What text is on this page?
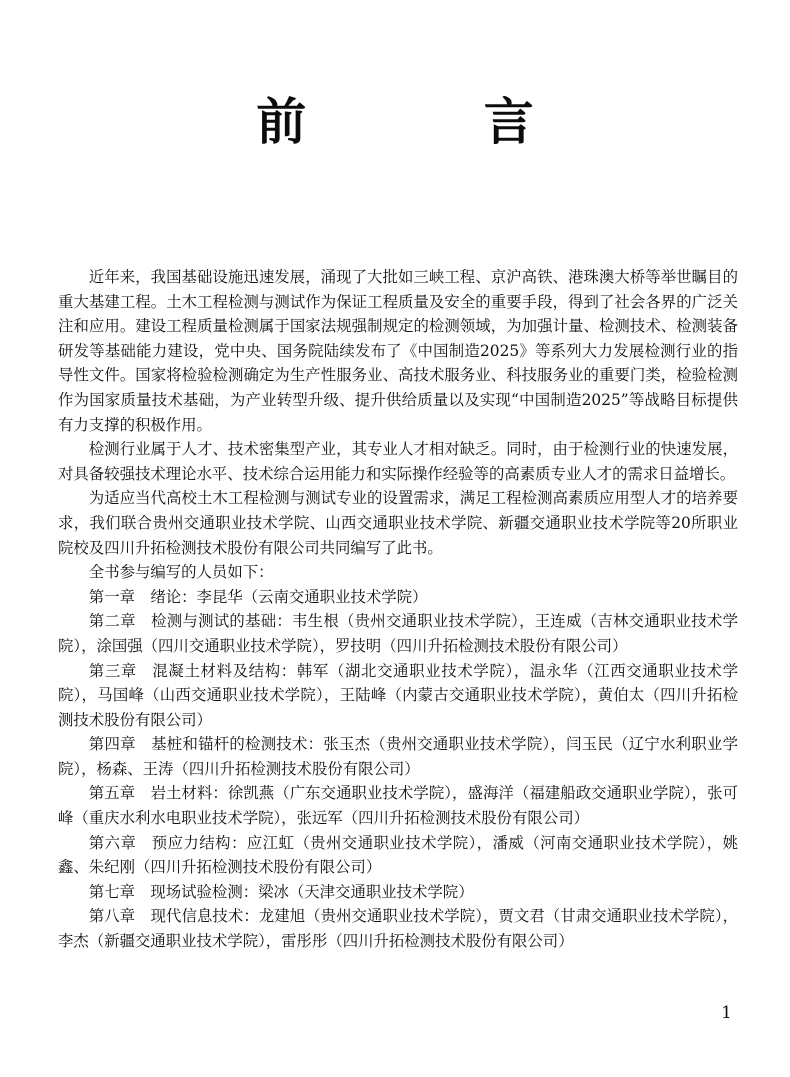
前 言

近年来，我国基础设施迅速发展，涌现了大批如三峡工程、京沪高铁、港珠澳大桥等举世瞩目的重大基建工程。土木工程检测与测试作为保证工程质量及安全的重要手段，得到了社会各界的广泛关注和应用。建设工程质量检测属于国家法规强制规定的检测领域，为加强计量、检测技术、检测装备研发等基础能力建设，党中央、国务院陆续发布了《中国制造2025》等系列大力发展检测行业的指导性文件。国家将检验检测确定为生产性服务业、高技术服务业、科技服务业的重要门类，检验检测作为国家质量技术基础，为产业转型升级、提升供给质量以及实现“中国制造2025”等战略目标提供有力支撑的积极作用。

检测行业属于人才、技术密集型产业，其专业人才相对缺乏。同时，由于检测行业的快速发展，对具备较强技术理论水平、技术综合运用能力和实际操作经验等的高素质专业人才的需求日益增长。

为适应当代高校土木工程检测与测试专业的设置需求，满足工程检测高素质应用型人才的培养要求，我们联合贵州交通职业技术学院、山西交通职业技术学院、新疆交通职业技术学院等20所职业院校及四川升拓检测技术股份有限公司共同编写了此书。

全书参与编写的人员如下：

第一章 绪论：李昆华（云南交通职业技术学院）

第二章 检测与测试的基础：韦生根（贵州交通职业技术学院），王连威（吉林交通职业技术学院），涂国强（四川交通职业技术学院），罗技明（四川升拓检测技术股份有限公司）

第三章 混凝土材料及结构：韩军（湖北交通职业技术学院），温永华（江西交通职业技术学院），马国峰（山西交通职业技术学院），王陆峰（内蒙古交通职业技术学院），黄伯太（四川升拓检测技术股份有限公司）

第四章 基桩和锚杆的检测技术：张玉杰（贵州交通职业技术学院），闫玉民（辽宁水利职业学院），杨森、王涛（四川升拓检测技术股份有限公司）

第五章 岩土材料：徐凯燕（广东交通职业技术学院），盛海洋（福建船政交通职业学院），张可峰（重庆水利水电职业技术学院），张远军（四川升拓检测技术股份有限公司）

第六章 预应力结构：应江虹（贵州交通职业技术学院），潘威（河南交通职业技术学院），姚鑫、朱纪刚（四川升拓检测技术股份有限公司）

第七章 现场试验检测：梁冰（天津交通职业技术学院）

第八章 现代信息技术：龙建旭（贵州交通职业技术学院），贾文君（甘肃交通职业技术学院），李杰（新疆交通职业技术学院），雷彤彤（四川升拓检测技术股份有限公司）

1
